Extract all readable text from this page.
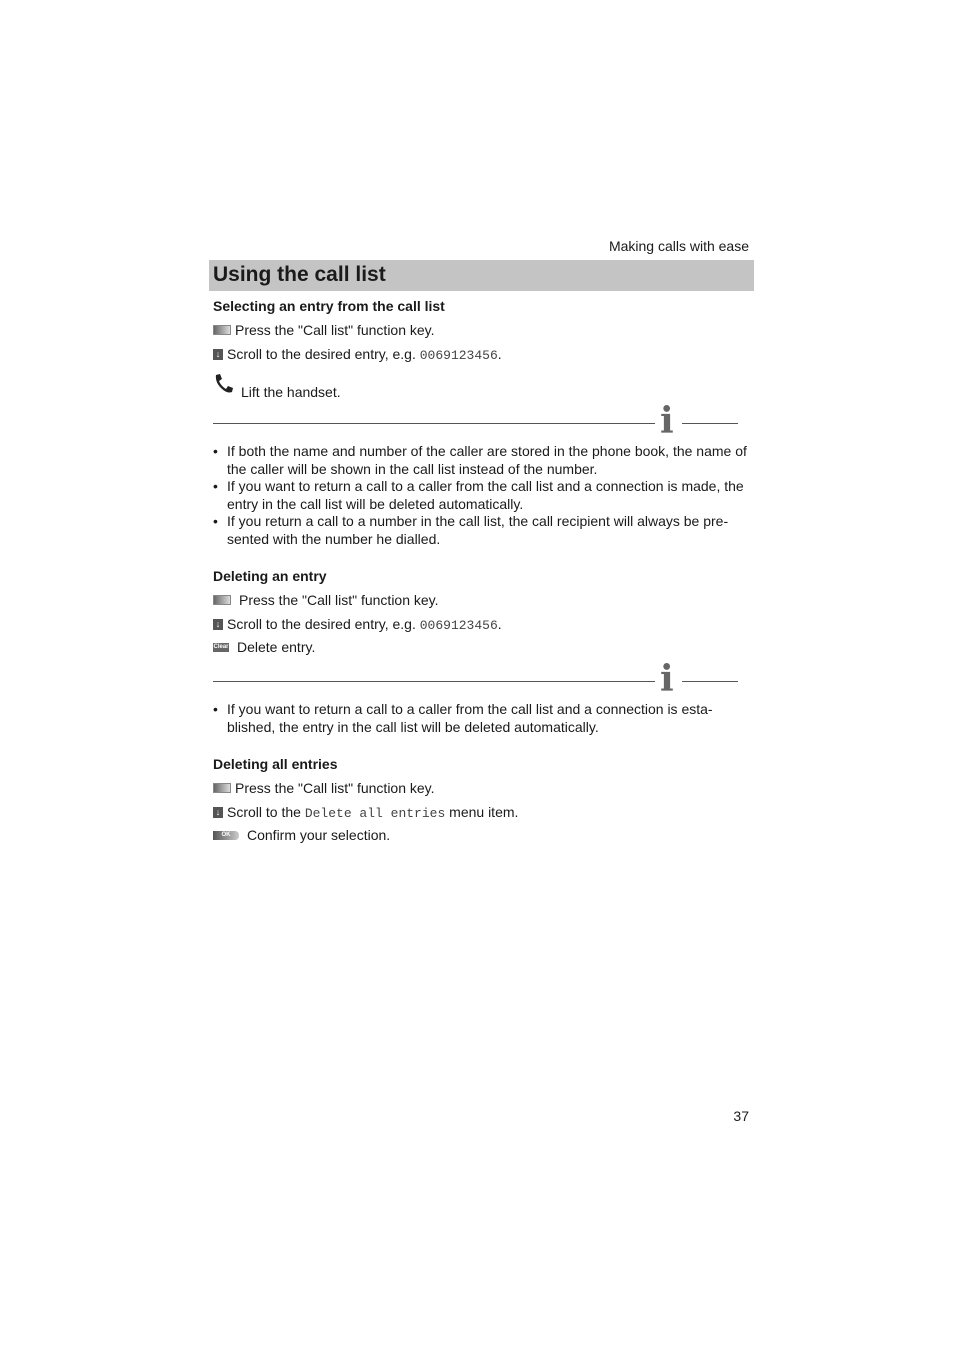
Making calls with ease
Using the call list
Selecting an entry from the call list
Press the "Call list" function key.
↓ Scroll to the desired entry, e.g. 0069123456.
Lift the handset.
i
• If both the name and number of the caller are stored in the phone book, the name of the caller will be shown in the call list instead of the number.
• If you want to return a call to a caller from the call list and a connection is made, the entry in the call list will be deleted automatically.
• If you return a call to a number in the call list, the call recipient will always be pre-sented with the number he dialled.
Deleting an entry
Press the "Call list" function key.
↓ Scroll to the desired entry, e.g. 0069123456.
Clear Delete entry.
i
• If you want to return a call to a caller from the call list and a connection is esta-blished, the entry in the call list will be deleted automatically.
Deleting all entries
Press the "Call list" function key.
↓ Scroll to the Delete all entries menu item.
OK	Confirm your selection.
37
